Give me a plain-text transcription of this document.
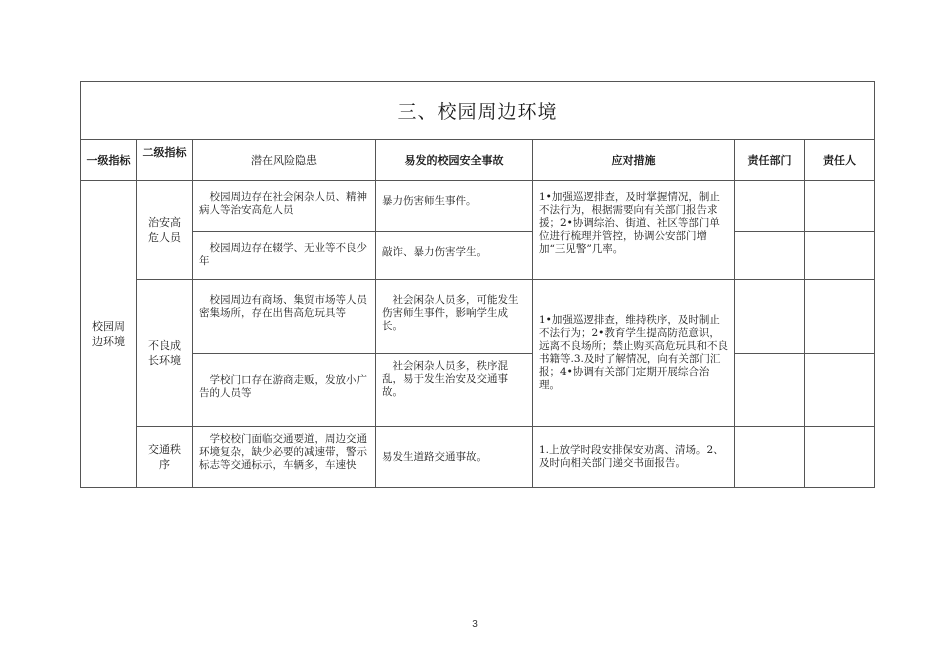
三、校园周边环境						
一级指标	二级指标	潜在风险隐患	易发的校园安全事故	应对措施	责任部门	责任人
校园周边环境	治安高危人员	校园周边存在社会闲杂人员、精神病人等治安高危人员	暴力伤害师生事件。	1•加强巡逻排查，及时掌握情况，制止不法行为，根据需要向有关部门报告求援；2•协调综治、街道、社区等部门单位进行梳理并管控，协调公安部门增加“三见警”几率。		
		校园周边存在辍学、无业等不良少年	敲诈、暴力伤害学生。			
	不良成长环境	校园周边有商场、集贸市场等人员密集场所，存在出售高危玩具等	社会闲杂人员多，可能发生伤害师生事件，影响学生成长。	1•加强巡逻排查，维持秩序，及时制止不法行为；2•教育学生提高防范意识，远离不良场所；禁止购买高危玩具和不良书籍等.3.及时了解情况，向有关部门汇报；4•协调有关部门定期开展综合治理。		
		学校门口存在游商走贩，发放小广告的人员等	社会闲杂人员多，秩序混乱，易于发生治安及交通事故。			
	交通秩序	学校校门面临交通要道，周边交通环境复杂，缺少必要的减速带，警示标志等交通标示，车辆多，车速快	易发生道路交通事故。	1.上放学时段安排保安劝离、清场。2、及时向相关部门递交书面报告。		
3
